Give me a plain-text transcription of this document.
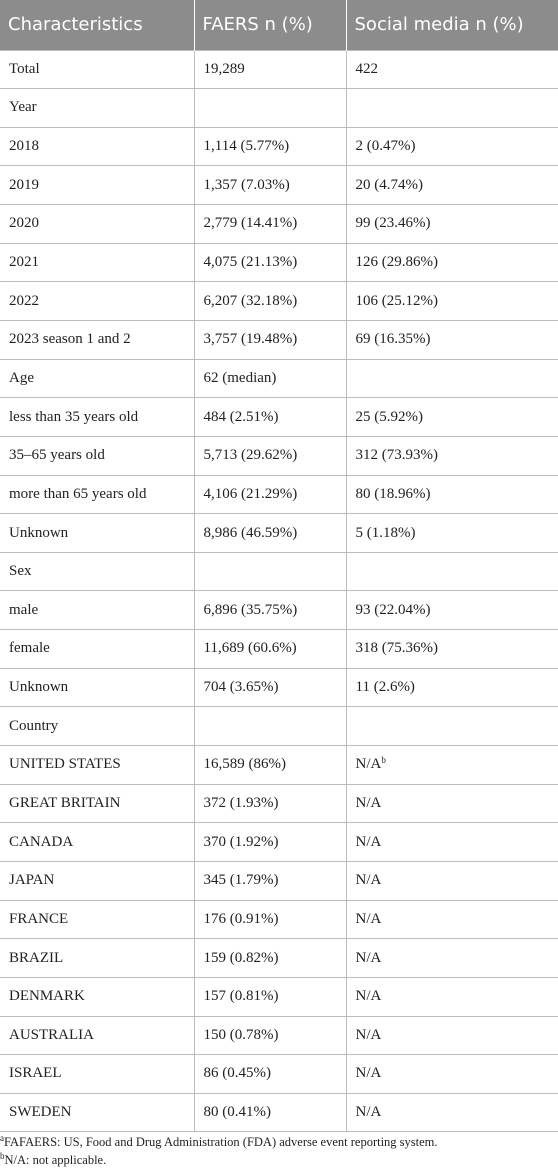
Characteristics	FAERS n (%)	Social media n (%)
Total	19,289	422
Year		
2018	1,114 (5.77%)	2 (0.47%)
2019	1,357 (7.03%)	20 (4.74%)
2020	2,779 (14.41%)	99 (23.46%)
2021	4,075 (21.13%)	126 (29.86%)
2022	6,207 (32.18%)	106 (25.12%)
2023 season 1 and 2	3,757 (19.48%)	69 (16.35%)
Age	62 (median)	
less than 35 years old	484 (2.51%)	25 (5.92%)
35–65 years old	5,713 (29.62%)	312 (73.93%)
more than 65 years old	4,106 (21.29%)	80 (18.96%)
Unknown	8,986 (46.59%)	5 (1.18%)
Sex		
male	6,896 (35.75%)	93 (22.04%)
female	11,689 (60.6%)	318 (75.36%)
Unknown	704 (3.65%)	11 (2.6%)
Country		
UNITED STATES	16,589 (86%)	$N/A^b$
GREAT BRITAIN	372 (1.93%)	N/A
CANADA	370 (1.92%)	N/A
JAPAN	345 (1.79%)	N/A
FRANCE	176 (0.91%)	N/A
BRAZIL	159 (0.82%)	N/A
DENMARK	157 (0.81%)	N/A
AUSTRALIA	150 (0.78%)	N/A
ISRAEL	86 (0.45%)	N/A
SWEDEN	80 (0.41%)	N/A
$^a$FAFAERS: US, Food and Drug Administration (FDA) adverse event reporting system.
$^b$N/A: not applicable.
